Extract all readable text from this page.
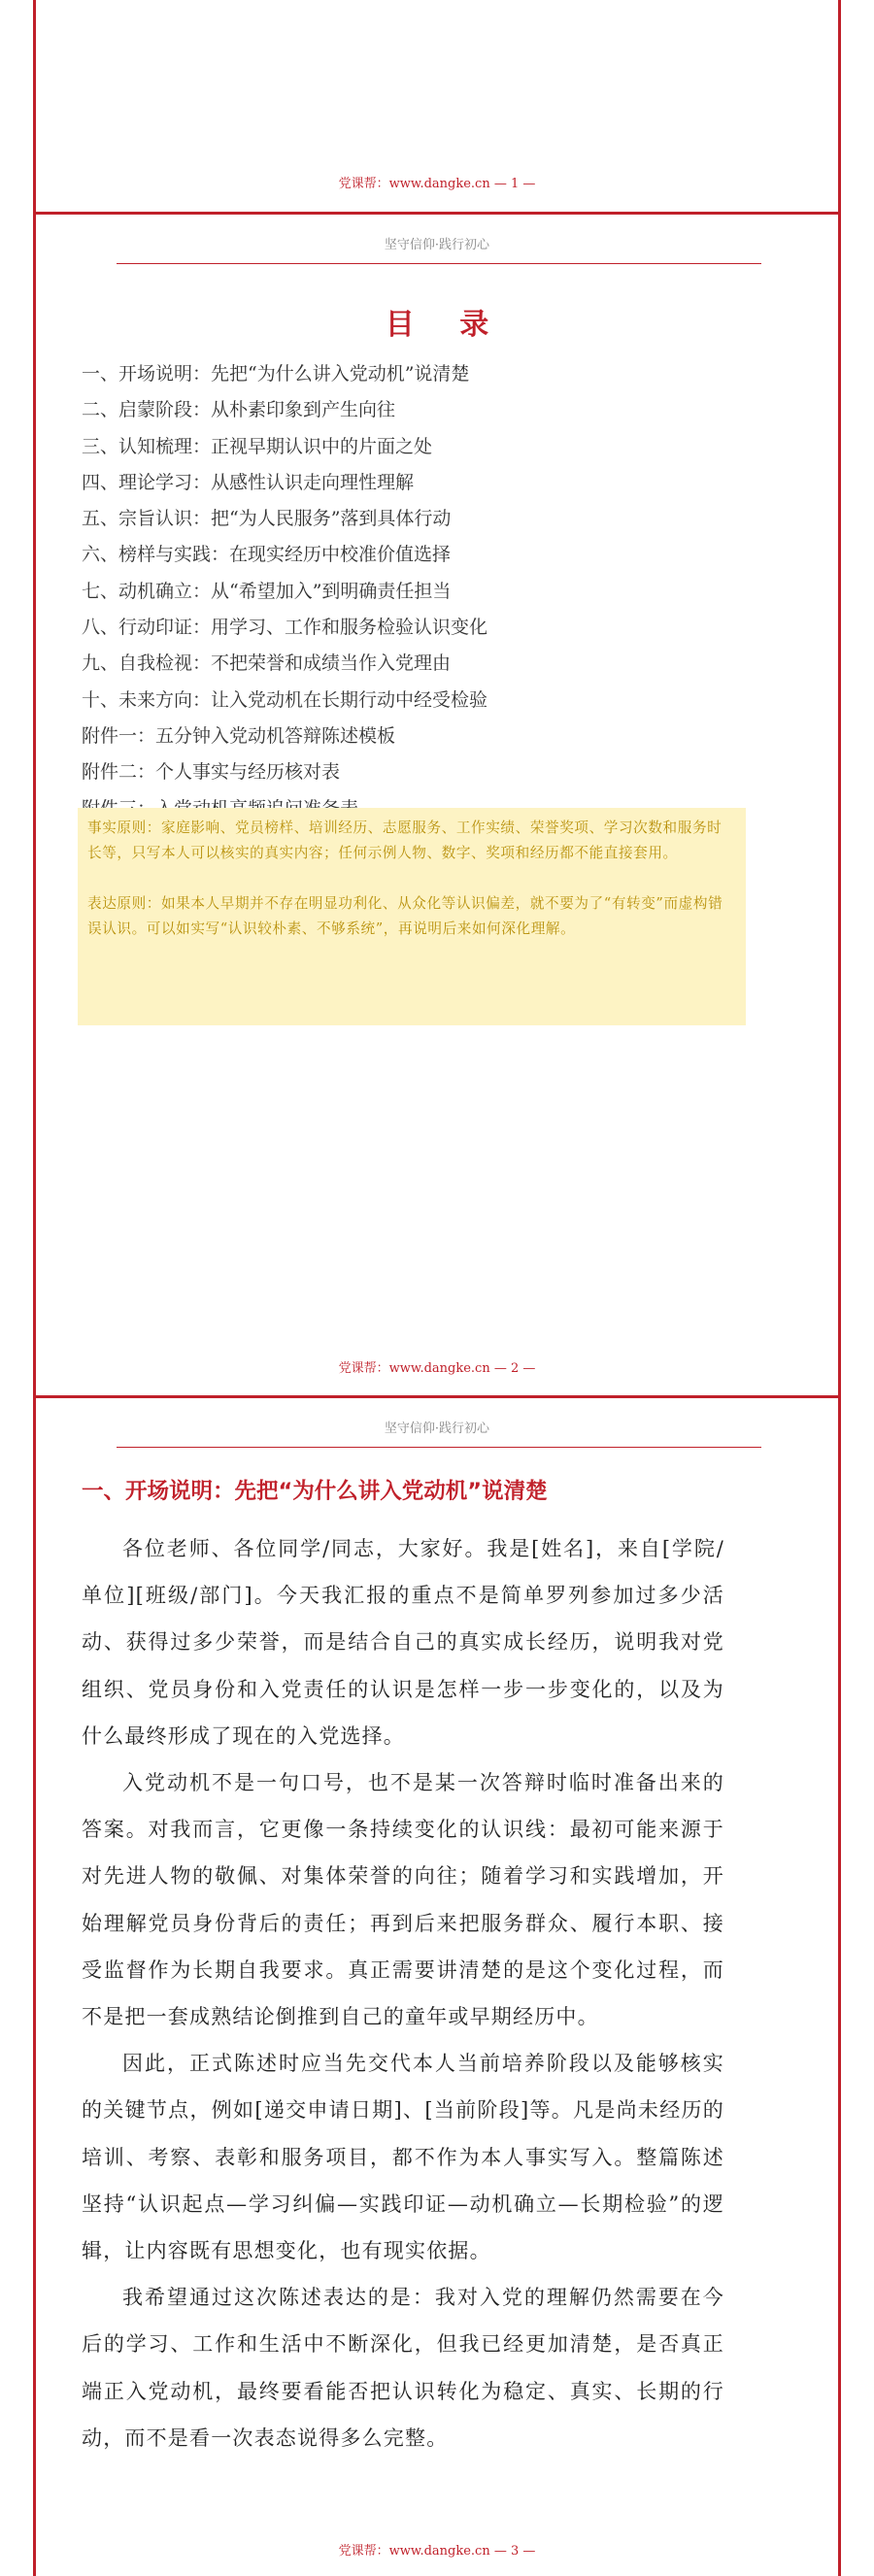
党课帮：www.dangke.cn — 1 —
坚守信仰·践行初心
目 录
一、开场说明：先把“为什么讲入党动机”说清楚
二、启蒙阶段：从朴素印象到产生向往
三、认知梳理：正视早期认识中的片面之处
四、理论学习：从感性认识走向理性理解
五、宗旨认识：把“为人民服务”落到具体行动
六、榜样与实践：在现实经历中校准价值选择
七、动机确立：从“希望加入”到明确责任担当
八、行动印证：用学习、工作和服务检验认识变化
九、自我检视：不把荣誉和成绩当作入党理由
十、未来方向：让入党动机在长期行动中经受检验
附件一：五分钟入党动机答辩陈述模板
附件二：个人事实与经历核对表

事实原则：家庭影响、党员榜样、培训经历、志愿服务、工作实绩、荣誉奖项、学习次数和服务时长等，只写本人可以核实的真实内容；任何示例人物、数字、奖项和经历都不能直接套用。

表达原则：如果本人早期并不存在明显功利化、从众化等认识偏差，就不要为了“有转变”而虚构错误认识。可以如实写“认识较朴素、不够系统”，再说明后来如何深化理解。

党课帮：www.dangke.cn — 2 —
坚守信仰·践行初心
一、开场说明：先把“为什么讲入党动机”说清楚

各位老师、各位同学/同志，大家好。我是[姓名]，来自[学院/单位][班级/部门]。今天我汇报的重点不是简单罗列参加过多少活动、获得过多少荣誉，而是结合自己的真实成长经历，说明我对党组织、党员身份和入党责任的认识是怎样一步一步变化的，以及为什么最终形成了现在的入党选择。

入党动机不是一句口号，也不是某一次答辩时临时准备出来的答案。对我而言，它更像一条持续变化的认识线：最初可能来源于对先进人物的敬佩、对集体荣誉的向往；随着学习和实践增加，开始理解党员身份背后的责任；再到后来把服务群众、履行本职、接受监督作为长期自我要求。真正需要讲清楚的是这个变化过程，而不是把一套成熟结论倒推到自己的童年或早期经历中。

因此，正式陈述时应当先交代本人当前培养阶段以及能够核实的关键节点，例如[递交申请日期]、[当前阶段]等。凡是尚未经历的培训、考察、表彰和服务项目，都不作为本人事实写入。整篇陈述坚持“认识起点—学习纠偏—实践印证—动机确立—长期检验”的逻辑，让内容既有思想变化，也有现实依据。

我希望通过这次陈述表达的是：我对入党的理解仍然需要在今后的学习、工作和生活中不断深化，但我已经更加清楚，是否真正端正入党动机，最终要看能否把认识转化为稳定、真实、长期的行动，而不是看一次表态说得多么完整。

党课帮：www.dangke.cn — 3 —
